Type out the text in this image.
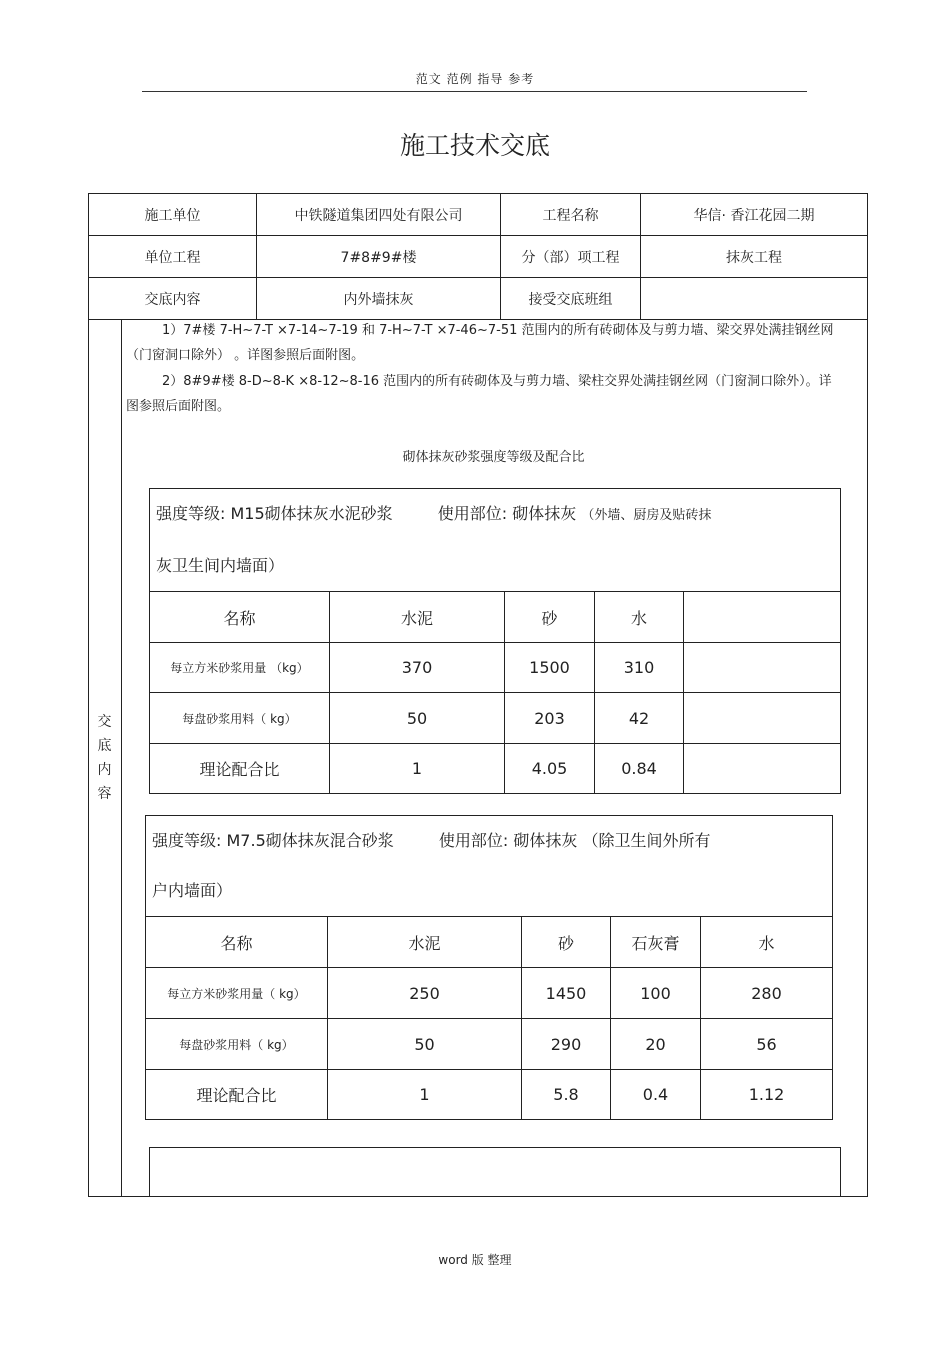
范文 范例 指导 参考
施工技术交底
施工单位	中铁隧道集团四处有限公司	工程名称	华信· 香江花园二期
单位工程	7#8#9#楼	分（部）项工程	抹灰工程
交底内容	内外墙抹灰	接受交底班组	
交
底
内
容
1）7#楼 7-H~7-T ×7-14~7-19 和 7-H~7-T ×7-46~7-51 范围内的所有砖砌体及与剪力墙、梁交界处满挂钢丝网（门窗洞口除外） 。详图参照后面附图。
2）8#9#楼 8-D~8-K ×8-12~8-16 范围内的所有砖砌体及与剪力墙、梁柱交界处满挂钢丝网（门窗洞口除外）。详图参照后面附图。
砌体抹灰砂浆强度等级及配合比
强度等级: M15砌体抹灰水泥砂浆 使用部位: 砌体抹灰 （外墙、厨房及贴砖抹
灰卫生间内墙面）				
名称	水泥	砂	水	
每立方米砂浆用量 （kg）	370	1500	310	
每盘砂浆用料（ kg）	50	203	42	
理论配合比	1	4.05	0.84	
强度等级: M7.5砌体抹灰混合砂浆 使用部位: 砌体抹灰 （除卫生间外所有
户内墙面）				
名称	水泥	砂	石灰膏	水
每立方米砂浆用量（ kg）	250	1450	100	280
每盘砂浆用料（ kg）	50	290	20	56
理论配合比	1	5.8	0.4	1.12
word 版 整理
